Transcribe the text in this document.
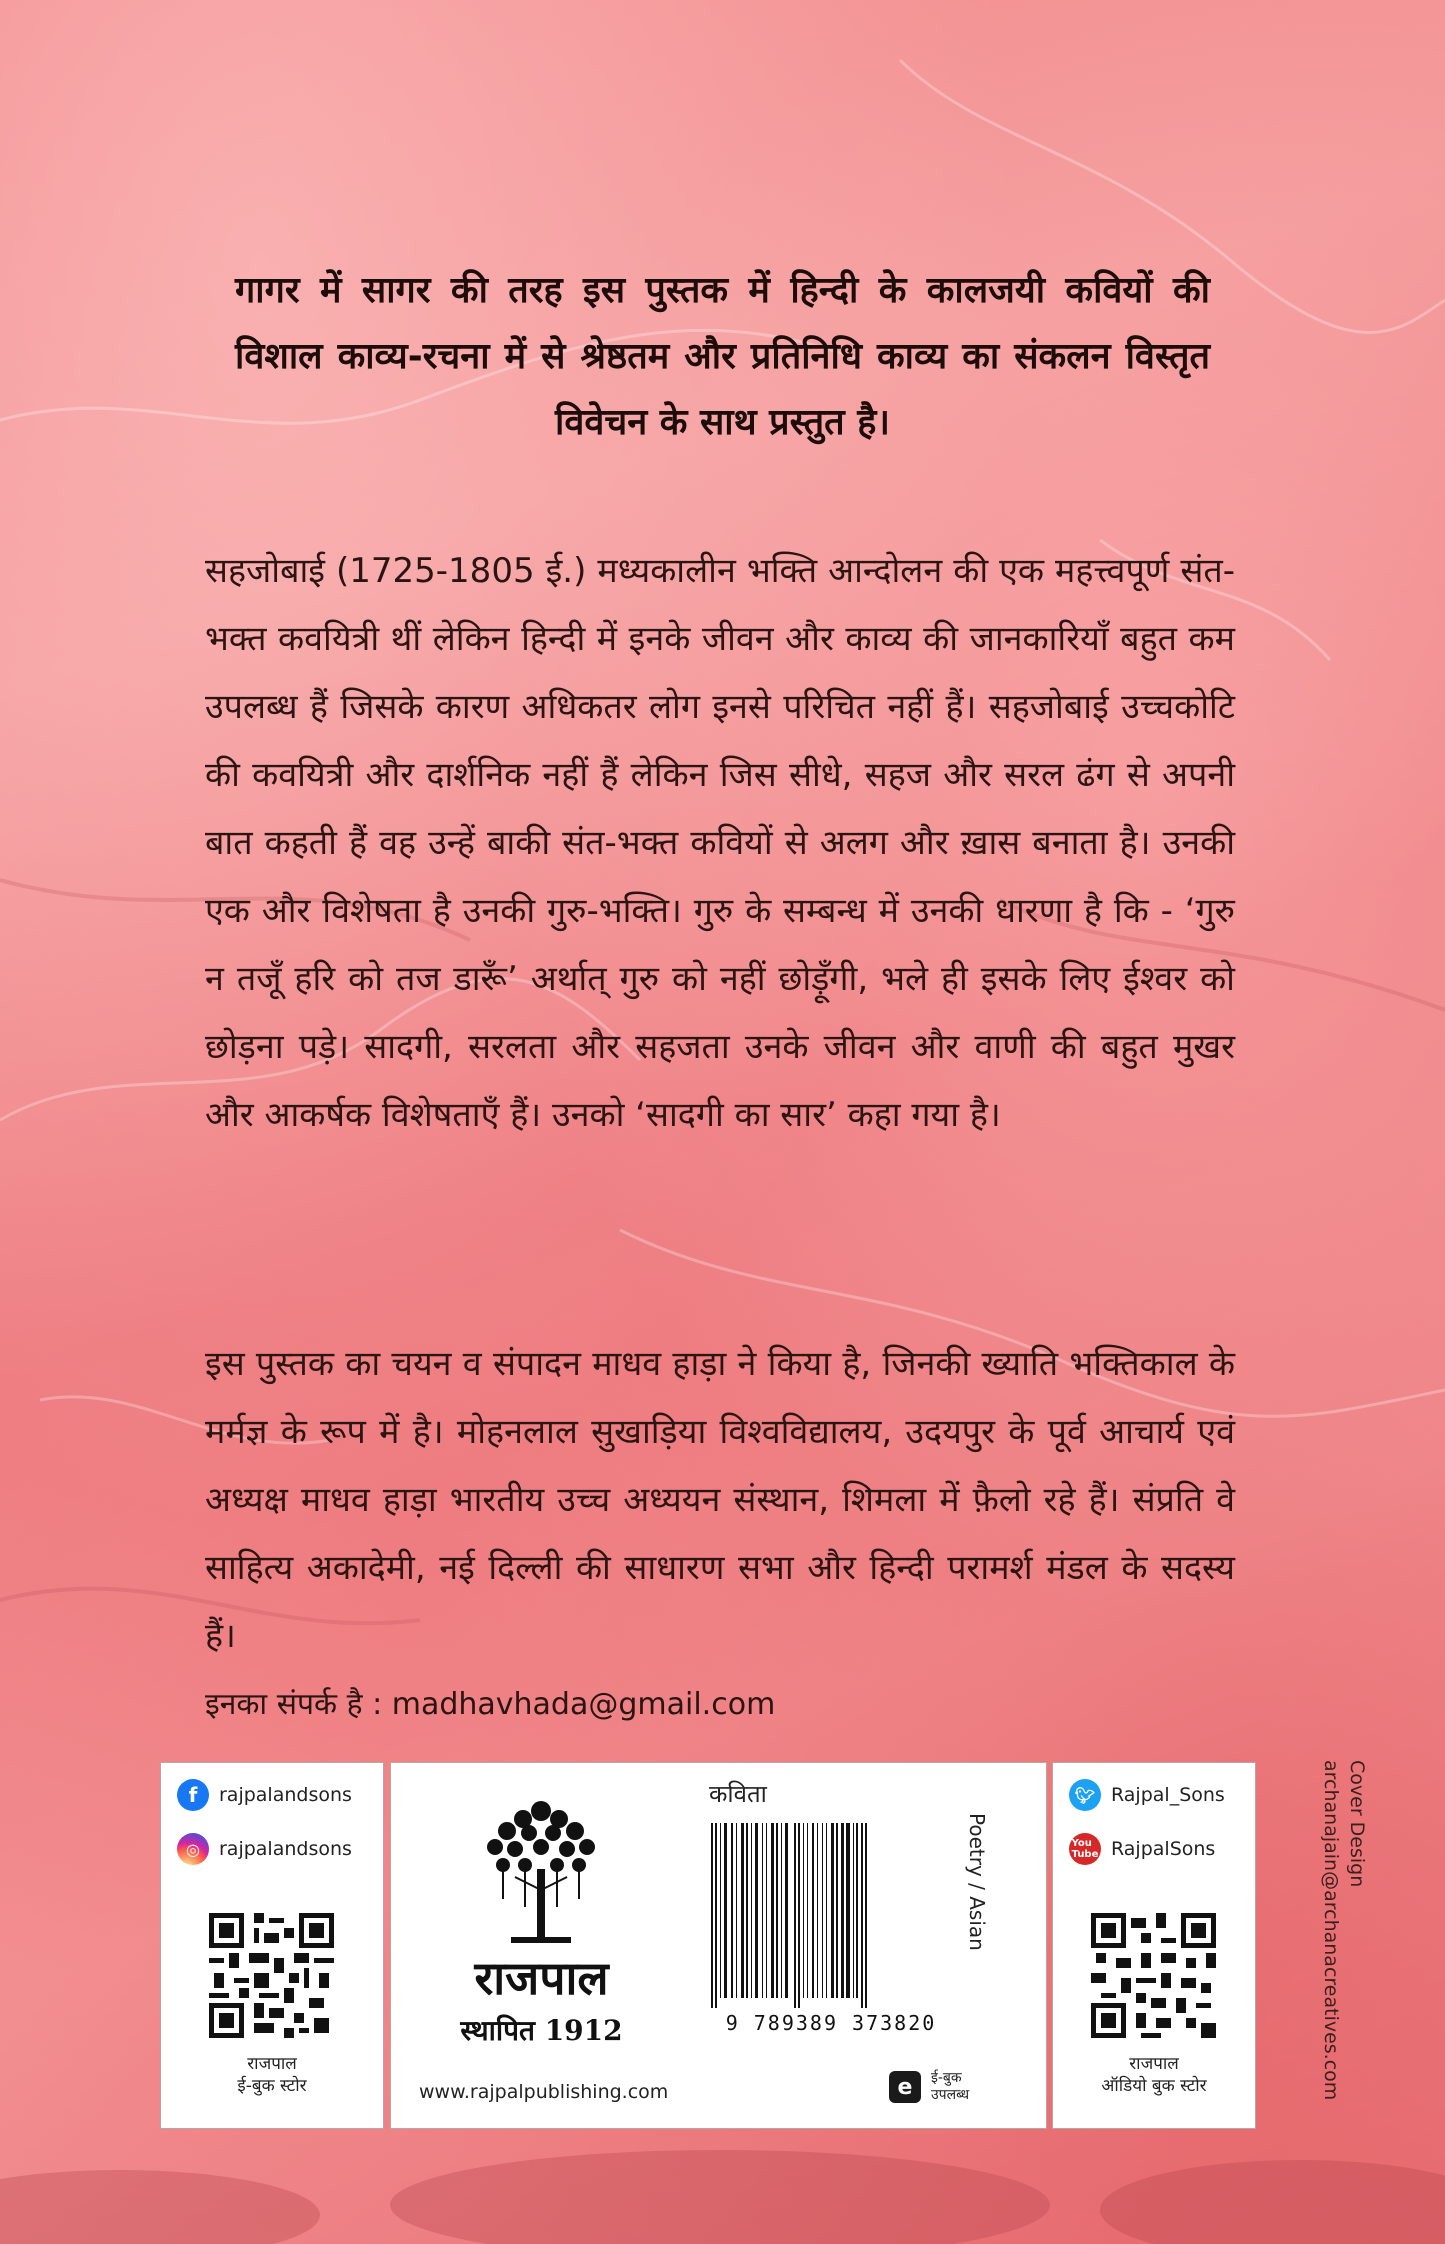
गागर में सागर की तरह इस पुस्तक में हिन्दी के कालजयी कवियों की विशाल काव्य-रचना में से श्रेष्ठतम और प्रतिनिधि काव्य का संकलन विस्तृत विवेचन के साथ प्रस्तुत है।

सहजोबाई (1725-1805 ई.) मध्यकालीन भक्ति आन्दोलन की एक महत्त्वपूर्ण संत-भक्त कवयित्री थीं लेकिन हिन्दी में इनके जीवन और काव्य की जानकारियाँ बहुत कम उपलब्ध हैं जिसके कारण अधिकतर लोग इनसे परिचित नहीं हैं। सहजोबाई उच्चकोटि की कवयित्री और दार्शनिक नहीं हैं लेकिन जिस सीधे, सहज और सरल ढंग से अपनी बात कहती हैं वह उन्हें बाकी संत-भक्त कवियों से अलग और ख़ास बनाता है। उनकी एक और विशेषता है उनकी गुरु-भक्ति। गुरु के सम्बन्ध में उनकी धारणा है कि - ‘गुरु न तजूँ हरि को तज डारूँ’ अर्थात् गुरु को नहीं छोड़ूँगी, भले ही इसके लिए ईश्वर को छोड़ना पड़े। सादगी, सरलता और सहजता उनके जीवन और वाणी की बहुत मुखर और आकर्षक विशेषताएँ हैं। उनको ‘सादगी का सार’ कहा गया है।

इस पुस्तक का चयन व संपादन माधव हाड़ा ने किया है, जिनकी ख्याति भक्तिकाल के मर्मज्ञ के रूप में है। मोहनलाल सुखाड़िया विश्वविद्यालय, उदयपुर के पूर्व आचार्य एवं अध्यक्ष माधव हाड़ा भारतीय उच्च अध्ययन संस्थान, शिमला में फ़ैलो रहे हैं। संप्रति वे साहित्य अकादेमी, नई दिल्ली की साधारण सभा और हिन्दी परामर्श मंडल के सदस्य हैं।

इनका संपर्क है : madhavhada@gmail.com

Cover Design
archanajain@archanacreatives.com
f	rajpalandsons
◎	rajpalandsons
राजपाल
ई-बुक स्टोर
राजपाल
स्थापित 1912
www.rajpalpublishing.com
कविता
9 789389 373820
Poetry / Asian
e	ई-बुक
उपलब्ध
🐦︎ Rajpal_Sons
You
Tube RajpalSons
राजपाल
ऑडियो बुक स्टोर
